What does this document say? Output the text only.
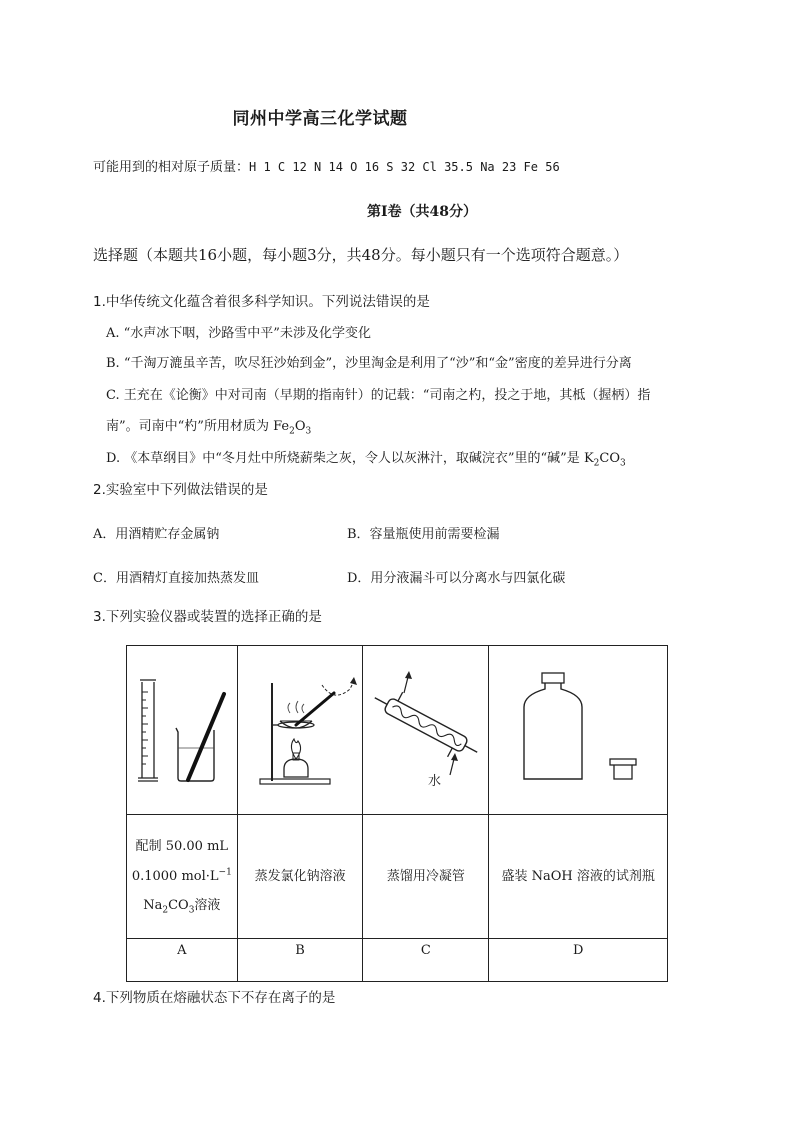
同州中学高三化学试题
可能用到的相对原子质量：H 1 C 12 N 14 O 16 S 32 Cl 35.5 Na 23 Fe 56
第Ⅰ卷（共48分）
选择题（本题共16小题，每小题3分，共48分。每小题只有一个选项符合题意。）
1.中华传统文化蕴含着很多科学知识。下列说法错误的是
A. “水声冰下咽，沙路雪中平”未涉及化学变化
B. “千淘万漉虽辛苦，吹尽狂沙始到金”，沙里淘金是利用了“沙”和“金”密度的差异进行分离
C. 王充在《论衡》中对司南（早期的指南针）的记载：“司南之杓，投之于地，其柢（握柄）指
南”。司南中“杓”所用材质为 $Fe_2O_3$
D. 《本草纲目》中“冬月灶中所烧薪柴之灰，令人以灰淋汁，取碱浣衣”里的“碱”是 $K_2CO_3$
2.实验室中下列做法错误的是
A．用酒精贮存金属钠	B．容量瓶使用前需要检漏
C．用酒精灯直接加热蒸发皿	D．用分液漏斗可以分离水与四氯化碳
3.下列实验仪器或装置的选择正确的是

水

配制 50.00 mL
0.1000 $mol\cdot L^{-1}$
$Na_2CO_3$溶液	蒸发氯化钠溶液	蒸馏用冷凝管	盛装 NaOH 溶液的试剂瓶
A	B	C	D
4.下列物质在熔融状态下不存在离子的是
